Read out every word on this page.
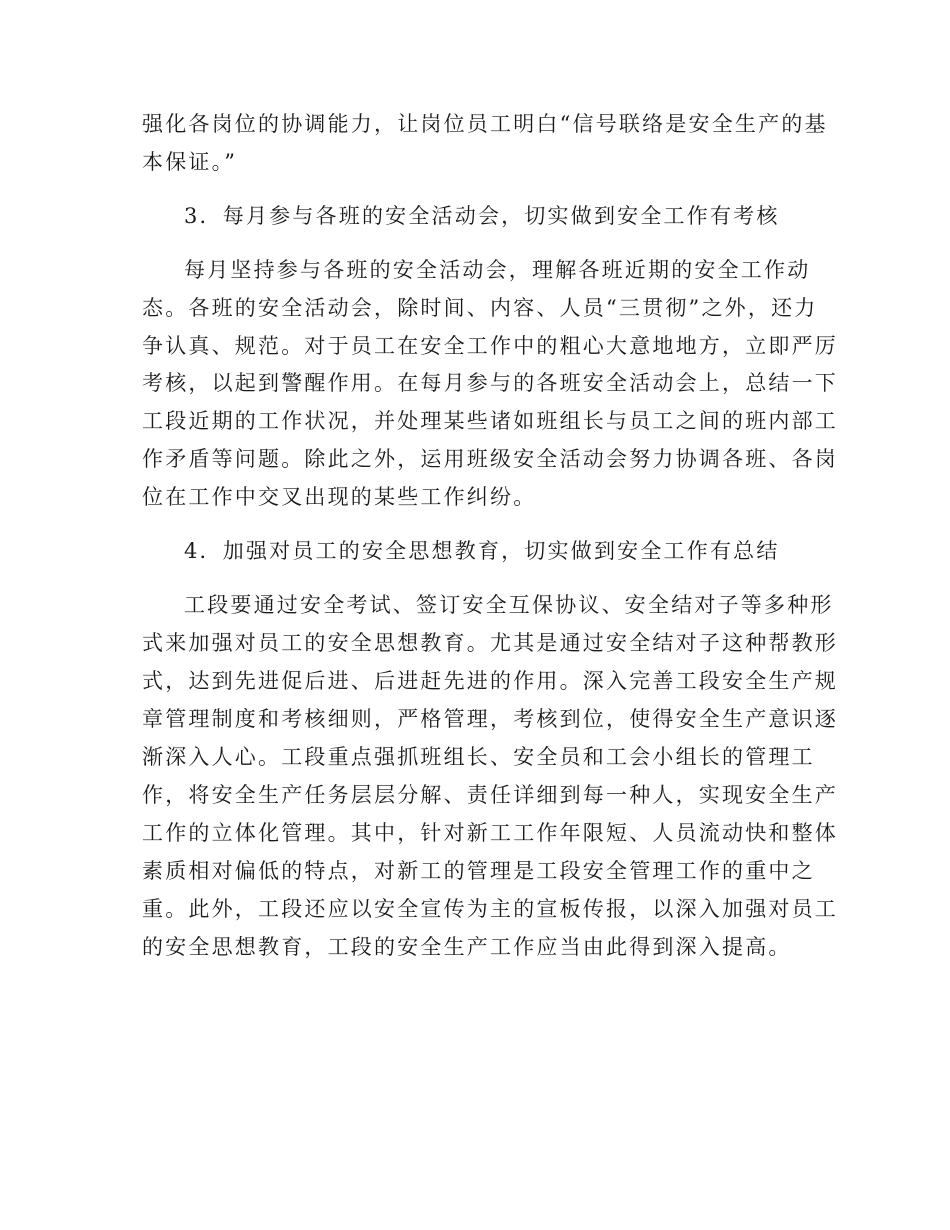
强化各岗位的协调能力，让岗位员工明白“信号联络是安全生产的基

本保证。”

3．每月参与各班的安全活动会，切实做到安全工作有考核

每月坚持参与各班的安全活动会，理解各班近期的安全工作动

态。各班的安全活动会，除时间、内容、人员“三贯彻”之外，还力

争认真、规范。对于员工在安全工作中的粗心大意地地方，立即严厉

考核，以起到警醒作用。在每月参与的各班安全活动会上，总结一下

工段近期的工作状况，并处理某些诸如班组长与员工之间的班内部工

作矛盾等问题。除此之外，运用班级安全活动会努力协调各班、各岗

位在工作中交叉出现的某些工作纠纷。

4．加强对员工的安全思想教育，切实做到安全工作有总结

工段要通过安全考试、签订安全互保协议、安全结对子等多种形

式来加强对员工的安全思想教育。尤其是通过安全结对子这种帮教形

式，达到先进促后进、后进赶先进的作用。深入完善工段安全生产规

章管理制度和考核细则，严格管理，考核到位，使得安全生产意识逐

渐深入人心。工段重点强抓班组长、安全员和工会小组长的管理工

作，将安全生产任务层层分解、责任详细到每一种人，实现安全生产

工作的立体化管理。其中，针对新工工作年限短、人员流动快和整体

素质相对偏低的特点，对新工的管理是工段安全管理工作的重中之

重。此外，工段还应以安全宣传为主的宣板传报，以深入加强对员工

的安全思想教育，工段的安全生产工作应当由此得到深入提高。
